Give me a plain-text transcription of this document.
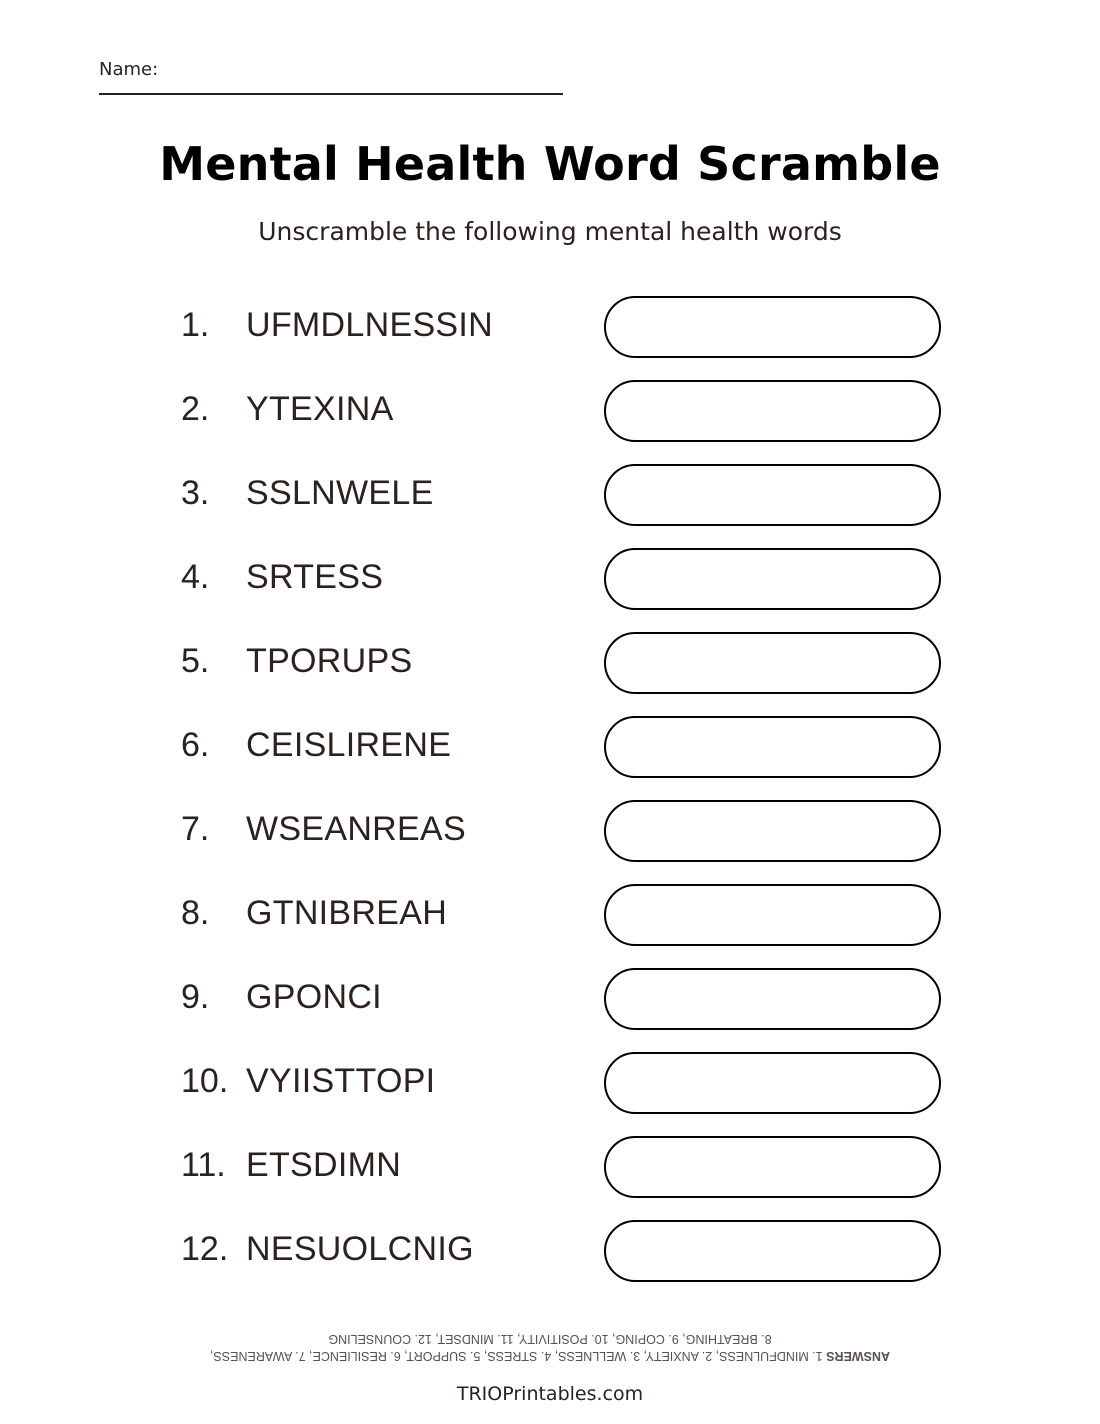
Name:
Mental Health Word Scramble
Unscramble the following mental health words
1. UFMDLNESSIN
2. YTEXINA
3. SSLNWELE
4. SRTESS
5. TPORUPS
6. CEISLIRENE
7. WSEANREAS
8. GTNIBREAH
9. GPONCI
10. VYIISTTOPI
11. ETSDIMN
12. NESUOLCNIG
ANSWERS 1. MINDFULNESS, 2. ANXIETY, 3. WELLNESS, 4. STRESS, 5. SUPPORT, 6. RESILIENCE, 7. AWARENESS,
8. BREATHING, 9. COPING, 10. POSITIVITY, 11. MINDSET, 12. COUNSELING
TRIOPrintables.com
